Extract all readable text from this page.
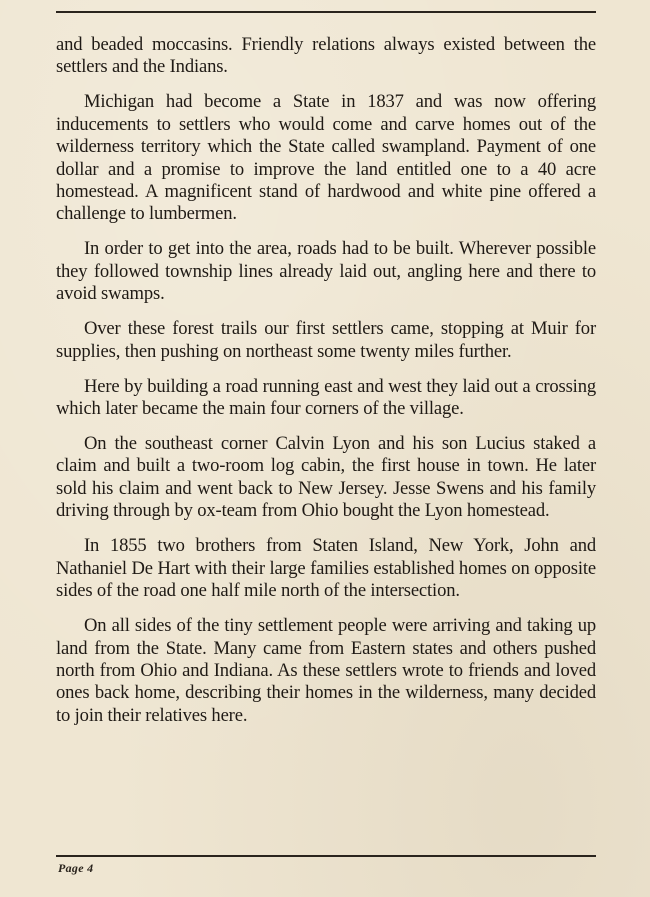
and beaded moccasins. Friendly relations always existed between the settlers and the Indians.

Michigan had become a State in 1837 and was now offering inducements to settlers who would come and carve homes out of the wilderness territory which the State called swampland. Payment of one dollar and a promise to improve the land entitled one to a 40 acre homestead. A magnificent stand of hardwood and white pine offered a challenge to lumbermen.

In order to get into the area, roads had to be built. Wherever possible they followed township lines already laid out, angling here and there to avoid swamps.

Over these forest trails our first settlers came, stopping at Muir for supplies, then pushing on northeast some twenty miles further.

Here by building a road running east and west they laid out a crossing which later became the main four corners of the village.

On the southeast corner Calvin Lyon and his son Lucius staked a claim and built a two-room log cabin, the first house in town. He later sold his claim and went back to New Jersey. Jesse Swens and his family driving through by ox-team from Ohio bought the Lyon homestead.

In 1855 two brothers from Staten Island, New York, John and Nathaniel De Hart with their large families established homes on opposite sides of the road one half mile north of the intersection.

On all sides of the tiny settlement people were arriving and taking up land from the State. Many came from Eastern states and others pushed north from Ohio and Indiana. As these settlers wrote to friends and loved ones back home, describing their homes in the wilderness, many decided to join their relatives here.

Page 4
